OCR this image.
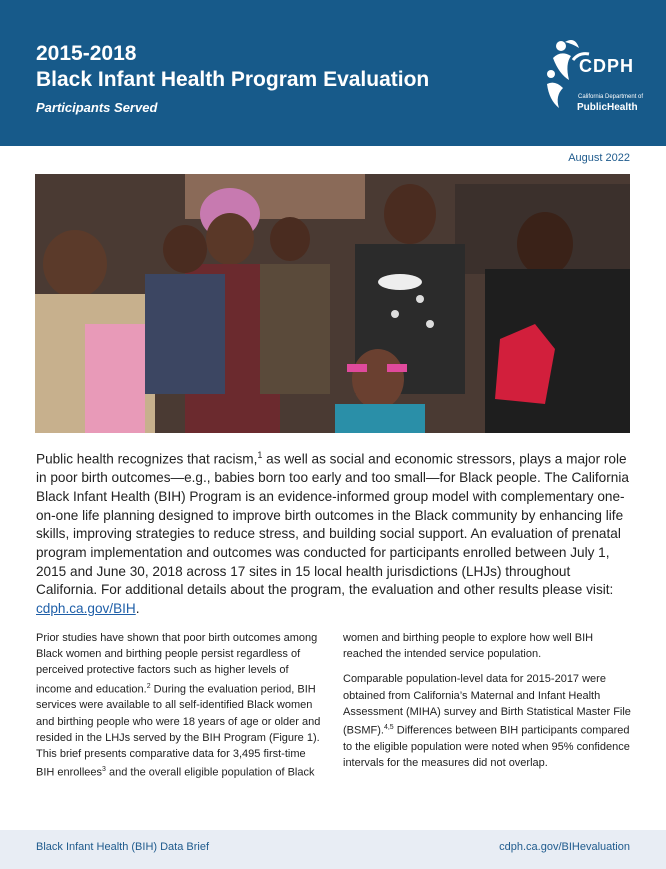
2015-2018
Black Infant Health Program Evaluation
Participants Served
CDPH
California Department of
PublicHealth
August 2022
Public health recognizes that racism,$^1$ as well as social and economic stressors, plays a major role in poor birth outcomes—e.g., babies born too early and too small—for Black people. The California Black Infant Health (BIH) Program is an evidence-informed group model with complementary one-on-one life planning designed to improve birth outcomes in the Black community by enhancing life skills, improving strategies to reduce stress, and building social support. An evaluation of prenatal program implementation and outcomes was conducted for participants enrolled between July 1, 2015 and June 30, 2018 across 17 sites in 15 local health jurisdictions (LHJs) throughout California. For additional details about the program, the evaluation and other results please visit: cdph.ca.gov/BIH.

Prior studies have shown that poor birth outcomes among Black women and birthing people persist regardless of perceived protective factors such as higher levels of income and education.$^2$ During the evaluation period, BIH services were available to all self-identified Black women and birthing people who were 18 years of age or older and resided in the LHJs served by the BIH Program (Figure 1). This brief presents comparative data for 3,495 first-time BIH enrollees$^3$ and the overall eligible population of Black

women and birthing people to explore how well BIH reached the intended service population.

Comparable population-level data for 2015-2017 were obtained from California’s Maternal and Infant Health Assessment (MIHA) survey and Birth Statistical Master File (BSMF).$^{4,5}$ Differences between BIH participants compared to the eligible population were noted when 95% confidence intervals for the measures did not overlap.

Black Infant Health (BIH) Data Brief	cdph.ca.gov/BIHevaluation
